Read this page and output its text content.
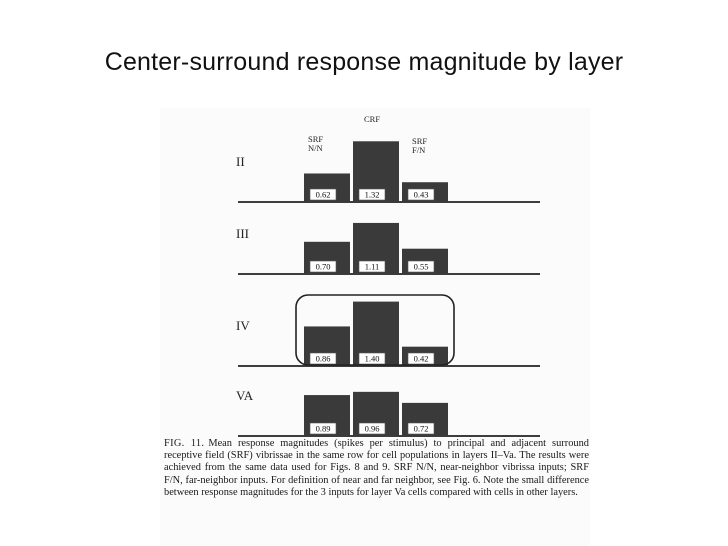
Center-surround response magnitude by layer
SRF
N/N
CRF
SRF
F/N
II
0.62	1.32	0.43
III
0.70	1.11	0.55
IV
0.86	1.40	0.42
VA
0.89	0.96	0.72
FIG. 11. Mean response magnitudes (spikes per stimulus) to principal and adjacent surround receptive field (SRF) vibrissae in the same row for cell populations in layers II–Va. The results were achieved from the same data used for Figs. 8 and 9. SRF N/N, near-neighbor vibrissa inputs; SRF F/N, far-neighbor inputs. For definition of near and far neighbor, see Fig. 6. Note the small difference between response magnitudes for the 3 inputs for layer Va cells compared with cells in other layers.
